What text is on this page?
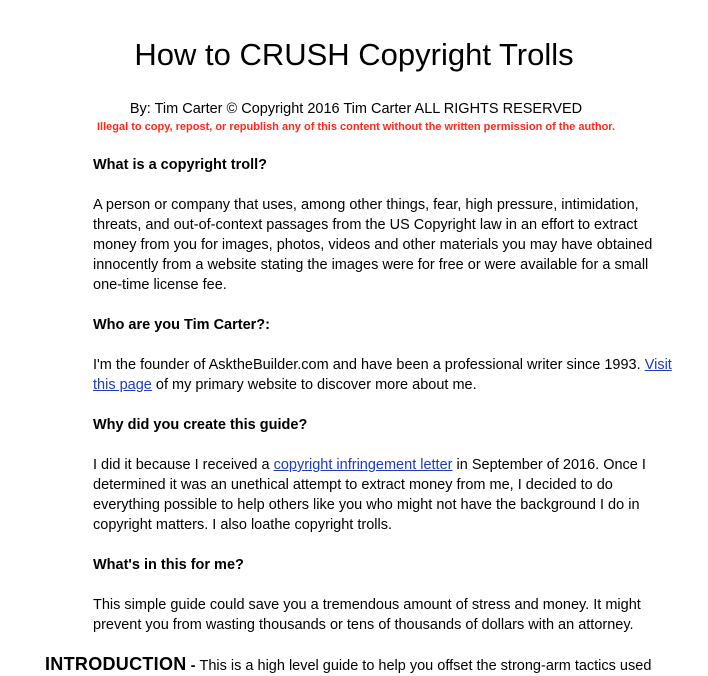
How to CRUSH Copyright Trolls
By: Tim Carter © Copyright 2016 Tim Carter ALL RIGHTS RESERVED
Illegal to copy, repost, or republish any of this content without the written permission of the author.
What is a copyright troll?

A person or company that uses, among other things, fear, high pressure, intimidation, threats, and out-of-context passages from the US Copyright law in an effort to extract money from you for images, photos, videos and other materials you may have obtained innocently from a website stating the images were for free or were available for a small one-time license fee.

Who are you Tim Carter?:

I'm the founder of AsktheBuilder.com and have been a professional writer since 1993. Visit this page of my primary website to discover more about me.

Why did you create this guide?

I did it because I received a copyright infringement letter in September of 2016. Once I determined it was an unethical attempt to extract money from me, I decided to do everything possible to help others like you who might not have the background I do in copyright matters. I also loathe copyright trolls.

What's in this for me?

This simple guide could save you a tremendous amount of stress and money. It might prevent you from wasting thousands or tens of thousands of dollars with an attorney.

INTRODUCTION - This is a high level guide to help you offset the strong-arm tactics used
